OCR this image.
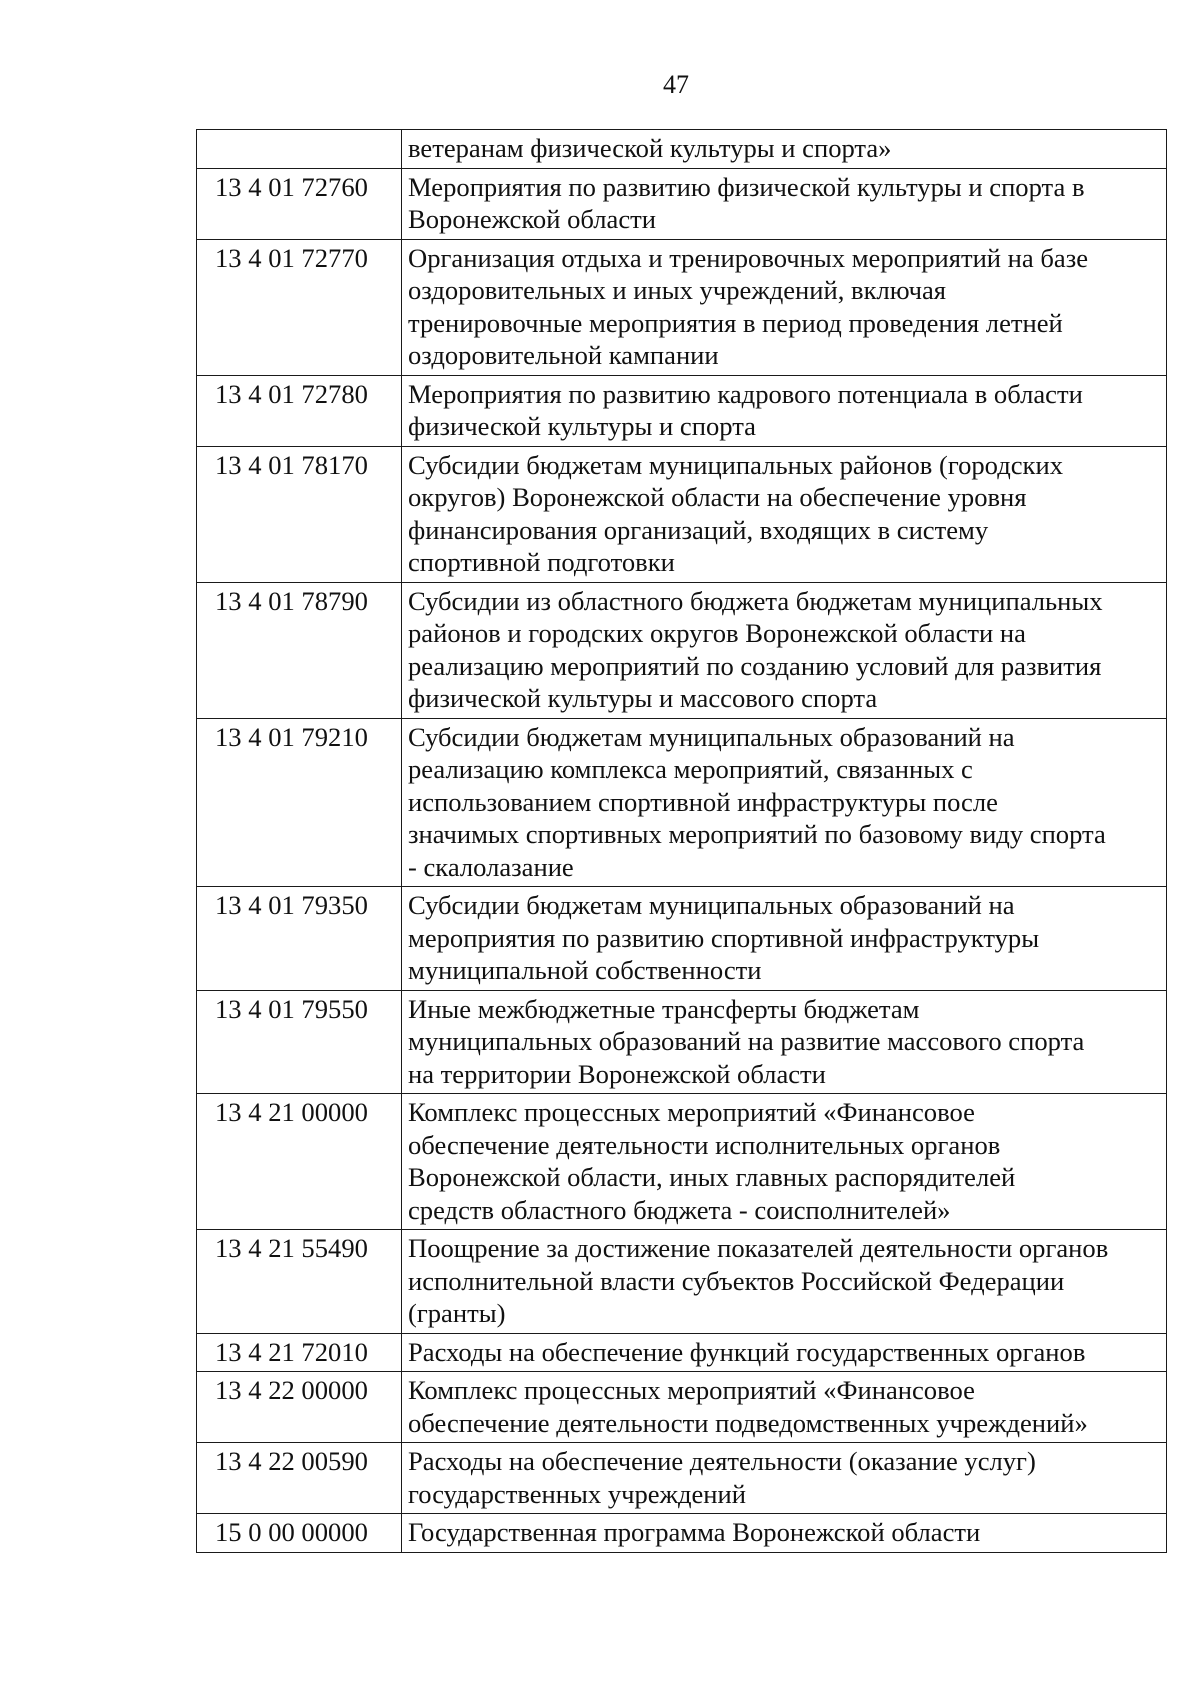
47

	ветеранам физической культуры и спорта»

13 4 01 72760	Мероприятия по развитию физической культуры и спорта в
Воронежской области

13 4 01 72770	Организация отдыха и тренировочных мероприятий на базе
оздоровительных и иных учреждений, включая
тренировочные мероприятия в период проведения летней
оздоровительной кампании

13 4 01 72780	Мероприятия по развитию кадрового потенциала в области
физической культуры и спорта

13 4 01 78170	Субсидии бюджетам муниципальных районов (городских
округов) Воронежской области на обеспечение уровня
финансирования организаций, входящих в систему
спортивной подготовки

13 4 01 78790	Субсидии из областного бюджета бюджетам муниципальных
районов и городских округов Воронежской области на
реализацию мероприятий по созданию условий для развития
физической культуры и массового спорта

13 4 01 79210	Субсидии бюджетам муниципальных образований на
реализацию комплекса мероприятий, связанных с
использованием спортивной инфраструктуры после
значимых спортивных мероприятий по базовому виду спорта
- скалолазание

13 4 01 79350	Субсидии бюджетам муниципальных образований на
мероприятия по развитию спортивной инфраструктуры
муниципальной собственности

13 4 01 79550	Иные межбюджетные трансферты бюджетам
муниципальных образований на развитие массового спорта
на территории Воронежской области

13 4 21 00000	Комплекс процессных мероприятий «Финансовое
обеспечение деятельности исполнительных органов
Воронежской области, иных главных распорядителей
средств областного бюджета - соисполнителей»

13 4 21 55490	Поощрение за достижение показателей деятельности органов
исполнительной власти субъектов Российской Федерации
(гранты)

13 4 21 72010	Расходы на обеспечение функций государственных органов

13 4 22 00000	Комплекс процессных мероприятий «Финансовое
обеспечение деятельности подведомственных учреждений»

13 4 22 00590	Расходы на обеспечение деятельности (оказание услуг)
государственных учреждений

15 0 00 00000	Государственная программа Воронежской области
